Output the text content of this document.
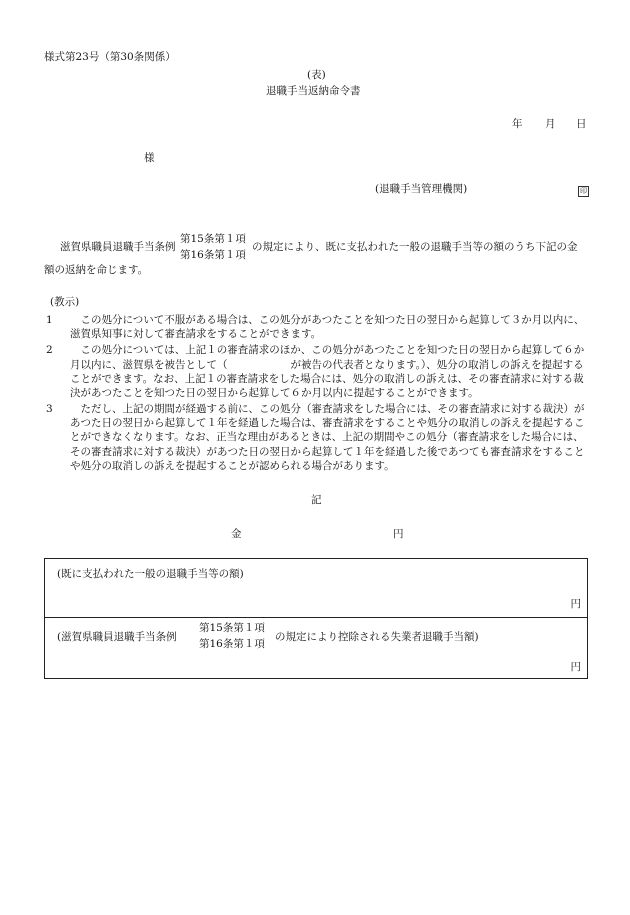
様式第23号（第30条関係）
(表)
退職手当返納命令書
年 月 日
様
(退職手当管理機関)	印
滋賀県職員退職手当条例
第15条第１項
第16条第１項
の規定により、既に支払われた一般の退職手当等の額のうち下記の金
額の返納を命じます。
(教示)
1	この処分について不服がある場合は、この処分があつたことを知つた日の翌日から起算して３か月以内に、滋賀県知事に対して審査請求をすることができます。
2	この処分については、上記１の審査請求のほか、この処分があつたことを知つた日の翌日から起算して６か月以内に、滋賀県を被告として（　　　　　　が被告の代表者となります。）、処分の取消しの訴えを提起することができます。なお、上記１の審査請求をした場合には、処分の取消しの訴えは、その審査請求に対する裁決があつたことを知つた日の翌日から起算して６か月以内に提起することができます。
3	ただし、上記の期間が経過する前に、この処分（審査請求をした場合には、その審査請求に対する裁決）があつた日の翌日から起算して１年を経過した場合は、審査請求をすることや処分の取消しの訴えを提起することができなくなります。なお、正当な理由があるときは、上記の期間やこの処分（審査請求をした場合には、その審査請求に対する裁決）があつた日の翌日から起算して１年を経過した後であつても審査請求をすることや処分の取消しの訴えを提起することが認められる場合があります。
記
金	円
(既に支払われた一般の退職手当等の額)
円
(滋賀県職員退職手当条例
第15条第１項
第16条第１項
の規定により控除される失業者退職手当額)
円
